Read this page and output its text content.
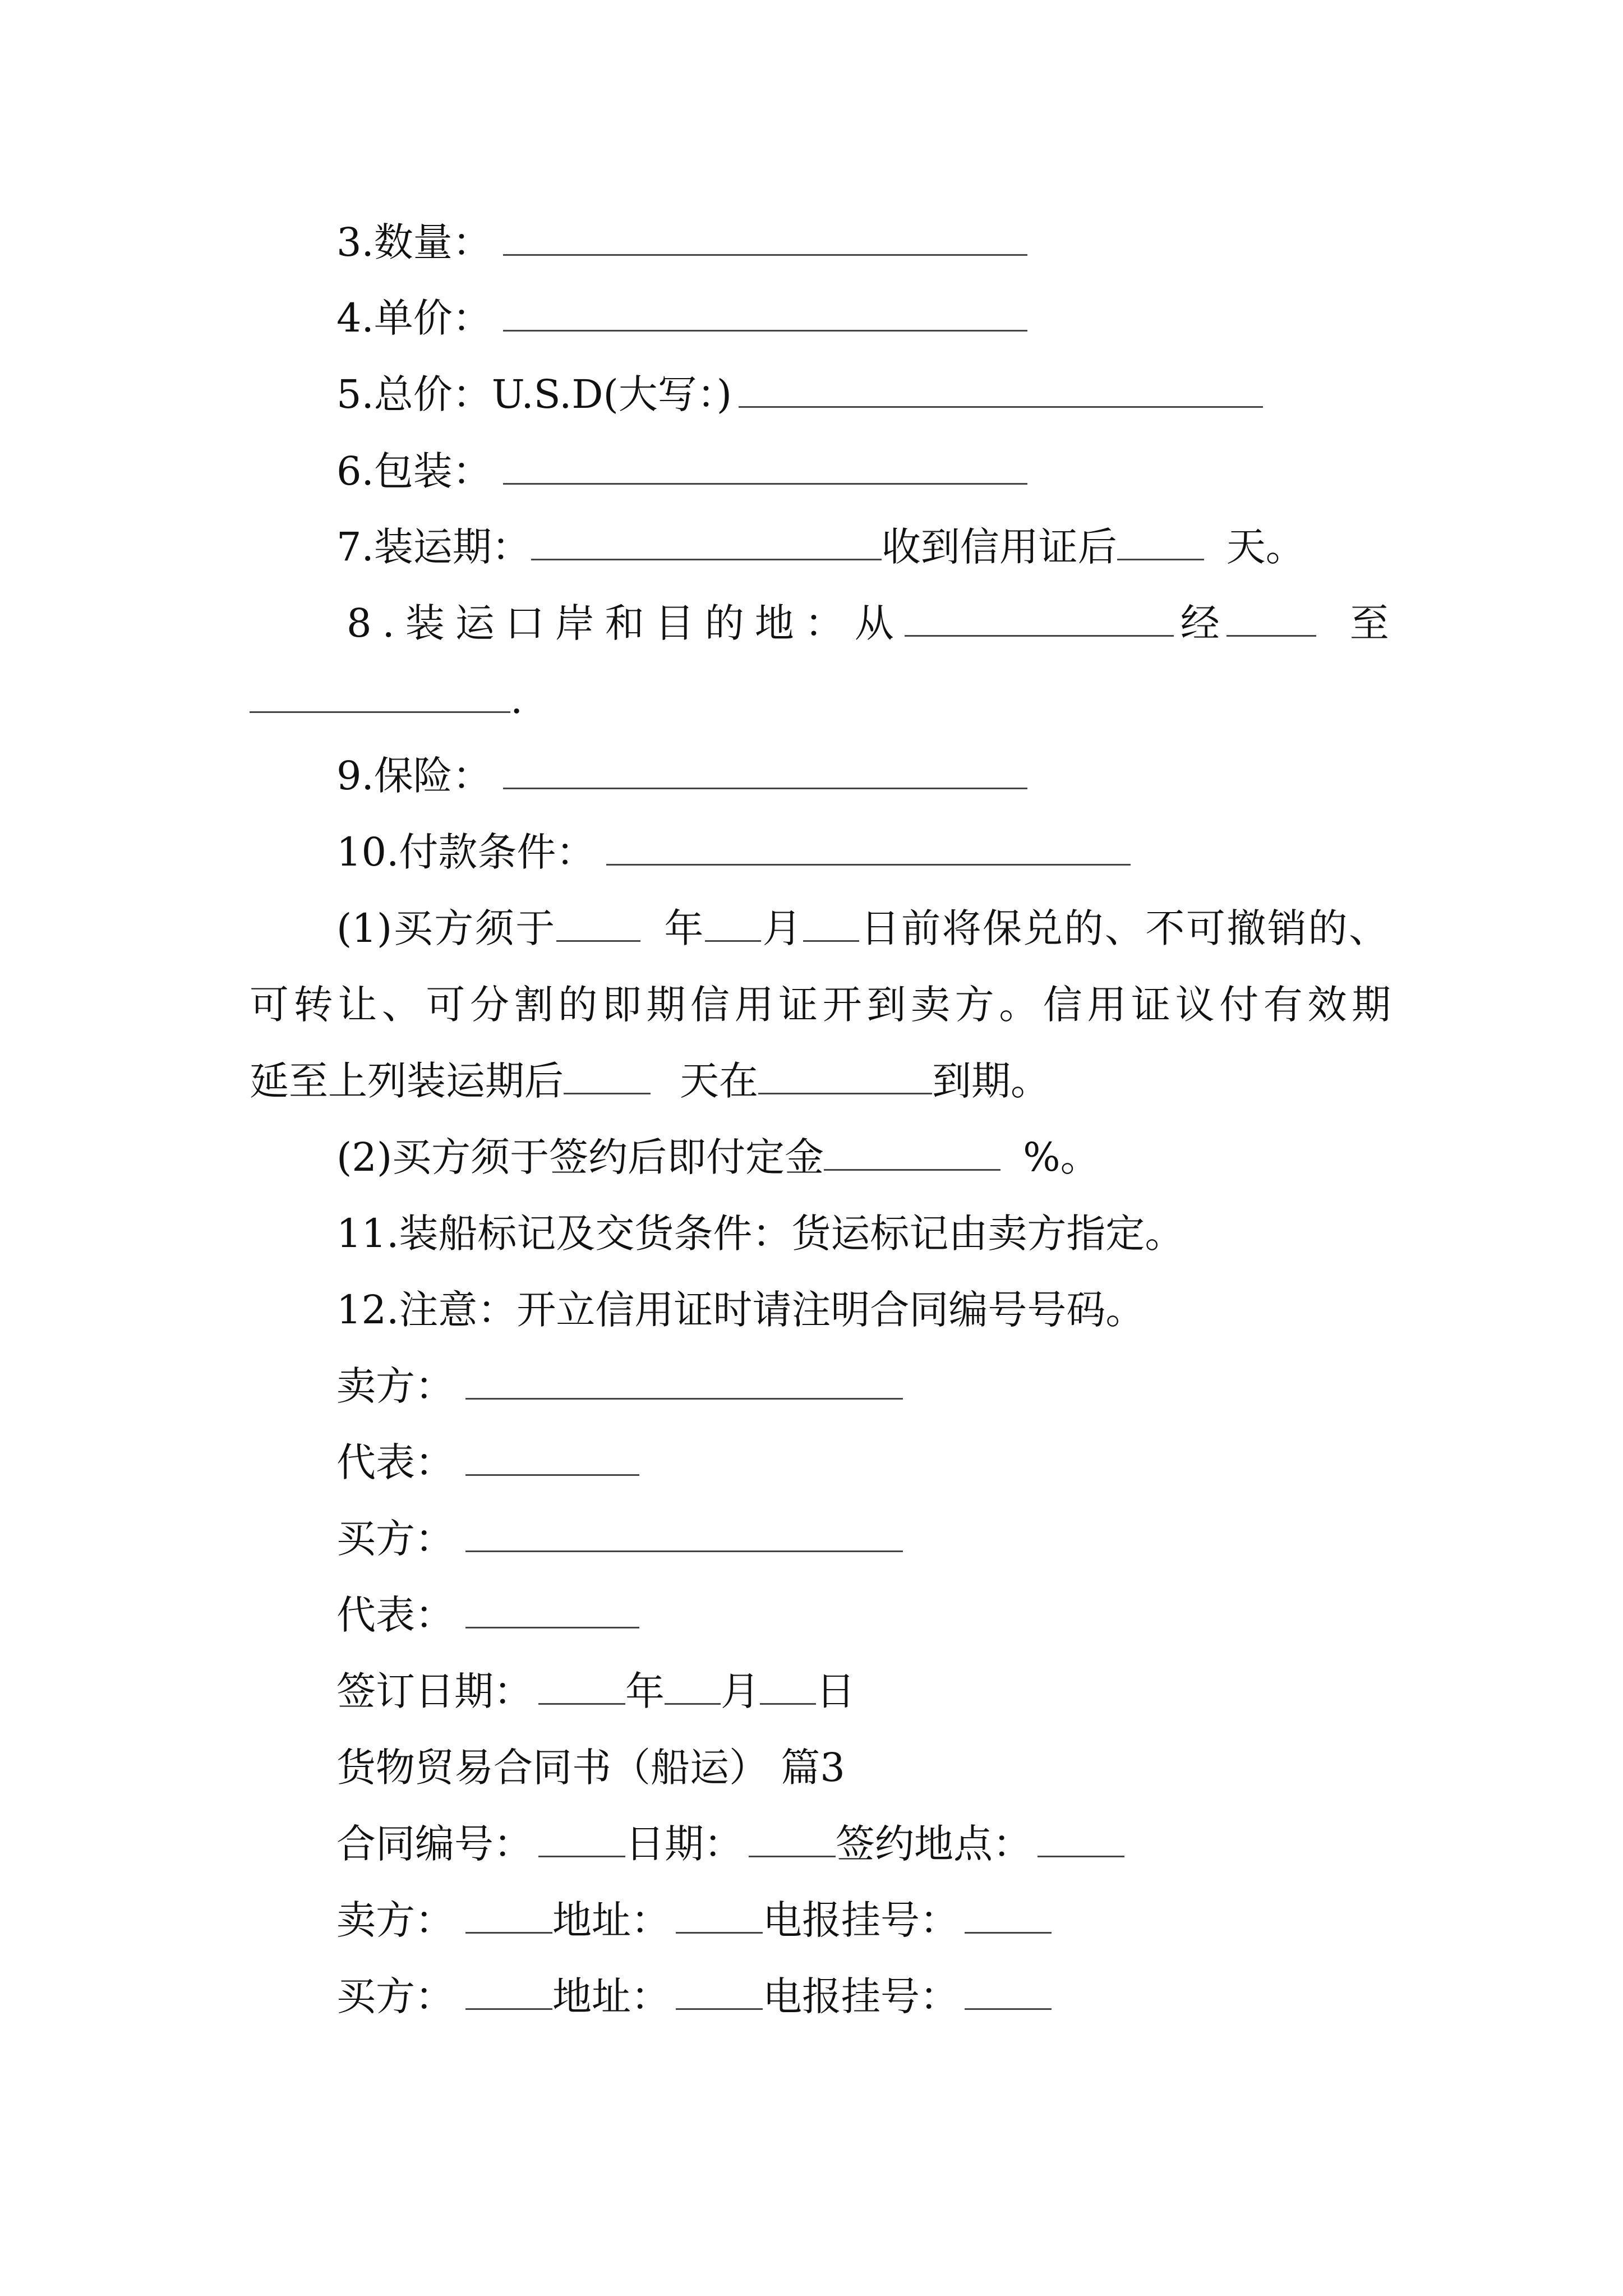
3.数量：
4.单价：
5.总价：U.S.D(大写：)
6.包装：
7.装运期：	收到信用证后	天。
8.装运口岸和目的地：从	经	至
.
9.保险：
10.付款条件：
(1)买方须于	年 月 日前将保兑的、不可撤销的、
可转让、可分割的即期信用证开到卖方。信用证议付有效期
延至上列装运期后	天在	到期。
(2)买方须于签约后即付定金	%。
11.装船标记及交货条件：货运标记由卖方指定。
12.注意：开立信用证时请注明合同编号号码。
卖方：
代表：
买方：
代表：
签订日期： 年 月 日
货物贸易合同书（船运） 篇3
合同编号： 日期： 签约地点：
卖方：	地址： 电报挂号：
买方：	地址： 电报挂号：
